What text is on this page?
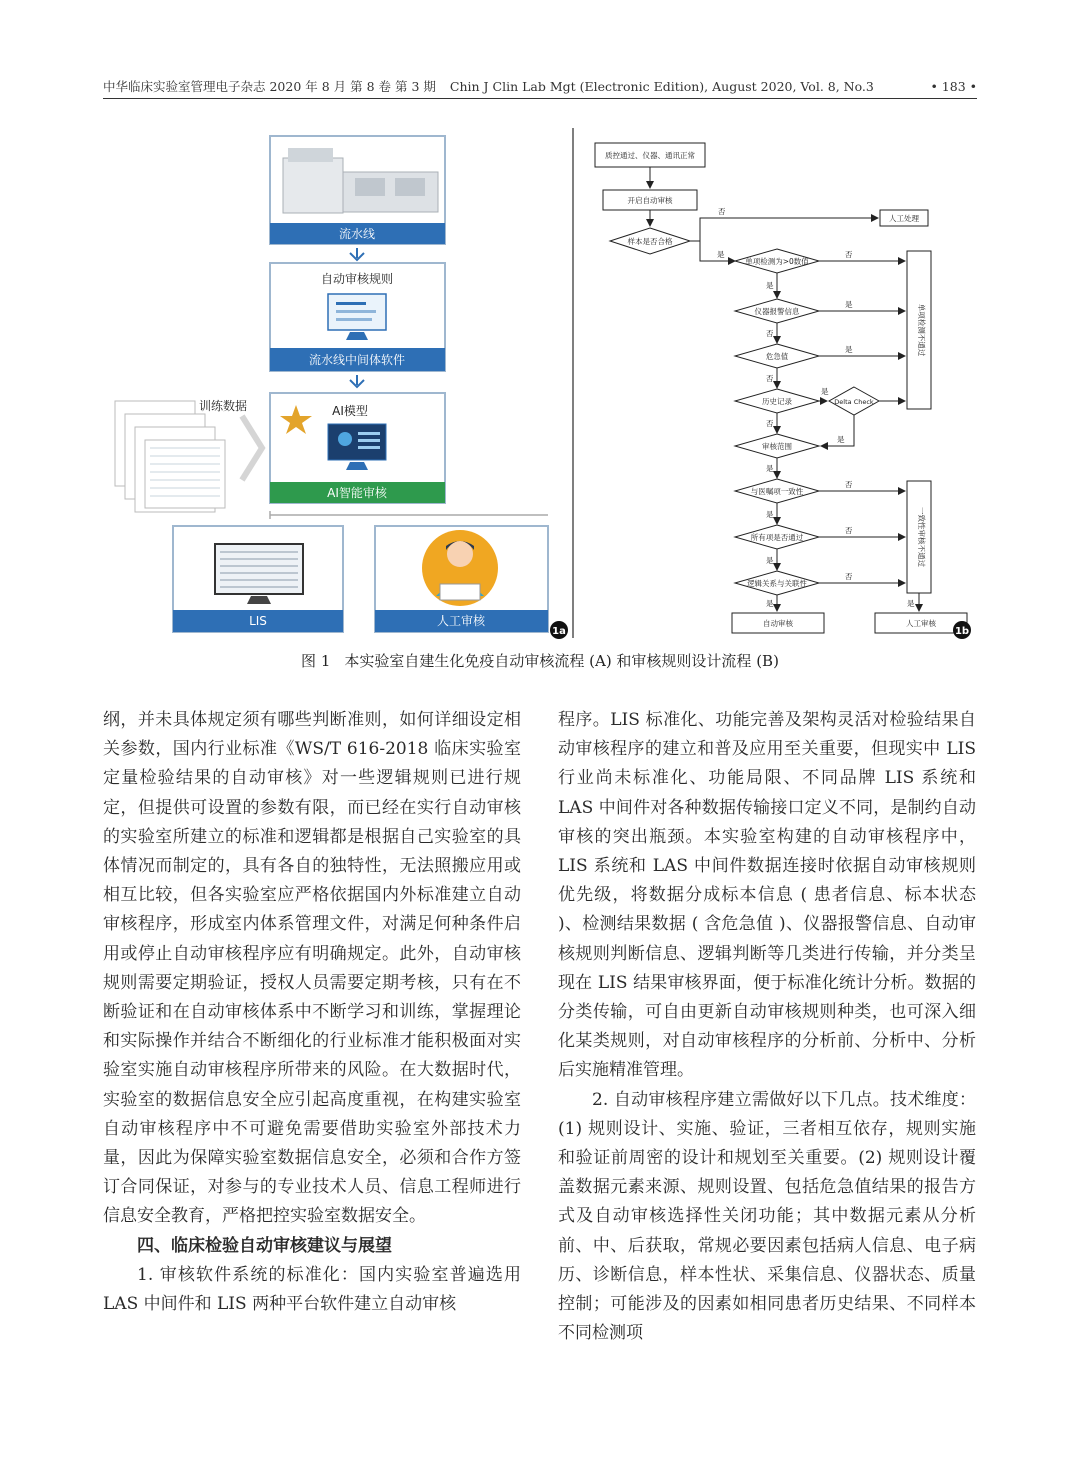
中华临床实验室管理电子杂志 2020 年 8 月 第 8 卷 第 3 期 Chin J Clin Lab Mgt (Electronic Edition), August 2020, Vol. 8, No.3	• 183 •
流水线
自动审核规则
流水线中间体软件
训练数据	AI模型
AI智能审核
LIS	人工审核
1a
质控通过、仪器、通讯正常
开启自动审核
样本是否合格
否
人工处理
是
单项检测为>0数值
否
是
仪器报警信息
是
否
危急值
是
否
历史记录
是
Delta Check
是
否
审核范围
是
与医嘱项一致性
否
是
所有项是否通过
否
是
逻辑关系与关联性
否
是
单项检测不通过
一致性审核不通过
是
自动审核	人工审核
1b
图 1 本实验室自建生化免疫自动审核流程 (A) 和审核规则设计流程 (B)

纲，并未具体规定须有哪些判断准则，如何详细设定相关参数，国内行业标准《WS/T 616-2018 临床实验室定量检验结果的自动审核》对一些逻辑规则已进行规定，但提供可设置的参数有限，而已经在实行自动审核的实验室所建立的标准和逻辑都是根据自己实验室的具体情况而制定的，具有各自的独特性，无法照搬应用或相互比较，但各实验室应严格依据国内外标准建立自动审核程序，形成室内体系管理文件，对满足何种条件启用或停止自动审核程序应有明确规定。此外，自动审核规则需要定期验证，授权人员需要定期考核，只有在不断验证和在自动审核体系中不断学习和训练，掌握理论和实际操作并结合不断细化的行业标准才能积极面对实验室实施自动审核程序所带来的风险。在大数据时代，实验室的数据信息安全应引起高度重视，在构建实验室自动审核程序中不可避免需要借助实验室外部技术力量，因此为保障实验室数据信息安全，必须和合作方签订合同保证，对参与的专业技术人员、信息工程师进行信息安全教育，严格把控实验室数据安全。

四、临床检验自动审核建议与展望

1. 审核软件系统的标准化：国内实验室普遍选用 LAS 中间件和 LIS 两种平台软件建立自动审核

程序。LIS 标准化、功能完善及架构灵活对检验结果自动审核程序的建立和普及应用至关重要，但现实中 LIS 行业尚未标准化、功能局限、不同品牌 LIS 系统和 LAS 中间件对各种数据传输接口定义不同，是制约自动审核的突出瓶颈。本实验室构建的自动审核程序中，LIS 系统和 LAS 中间件数据连接时依据自动审核规则优先级，将数据分成标本信息 ( 患者信息、标本状态 )、检测结果数据 ( 含危急值 )、仪器报警信息、自动审核规则判断信息、逻辑判断等几类进行传输，并分类呈现在 LIS 结果审核界面，便于标准化统计分析。数据的分类传输，可自由更新自动审核规则种类，也可深入细化某类规则，对自动审核程序的分析前、分析中、分析后实施精准管理。

2. 自动审核程序建立需做好以下几点。技术维度：(1) 规则设计、实施、验证，三者相互依存，规则实施和验证前周密的设计和规划至关重要。(2) 规则设计覆盖数据元素来源、规则设置、包括危急值结果的报告方式及自动审核选择性关闭功能；其中数据元素从分析前、中、后获取，常规必要因素包括病人信息、电子病历、诊断信息，样本性状、采集信息、仪器状态、质量控制；可能涉及的因素如相同患者历史结果、不同样本不同检测项
